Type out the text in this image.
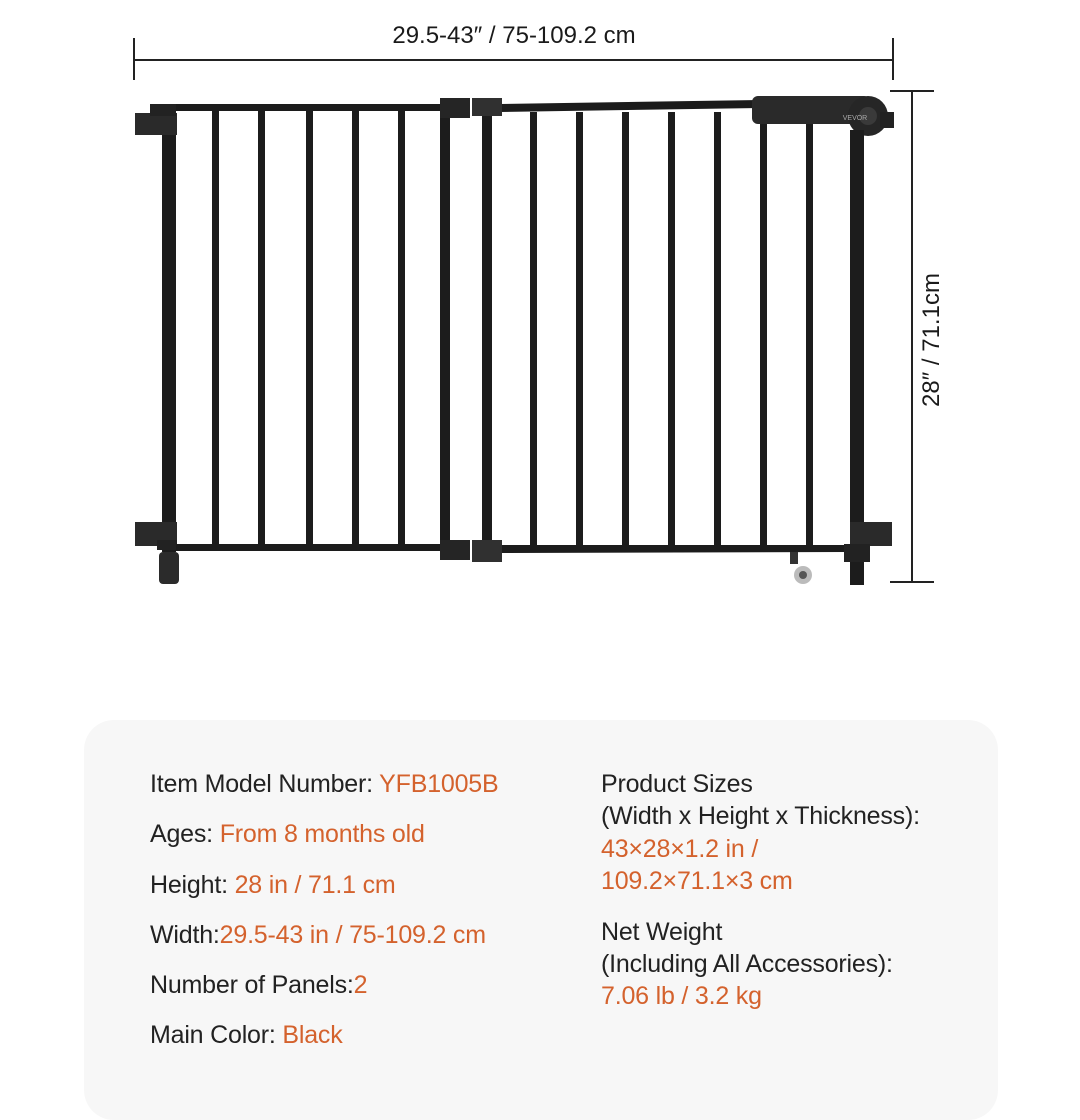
VEVOR
29.5-43″ / 75-109.2 cm
28″ / 71.1cm
Item Model Number: YFB1005B
Ages: From 8 months old
Height: 28 in / 71.1 cm
Width:29.5-43 in / 75-109.2 cm
Number of Panels:2
Main Color: Black
Product Sizes
(Width x Height x Thickness):
43×28×1.2 in /
109.2×71.1×3 cm
Net Weight
(Including All Accessories):
7.06 lb / 3.2 kg
